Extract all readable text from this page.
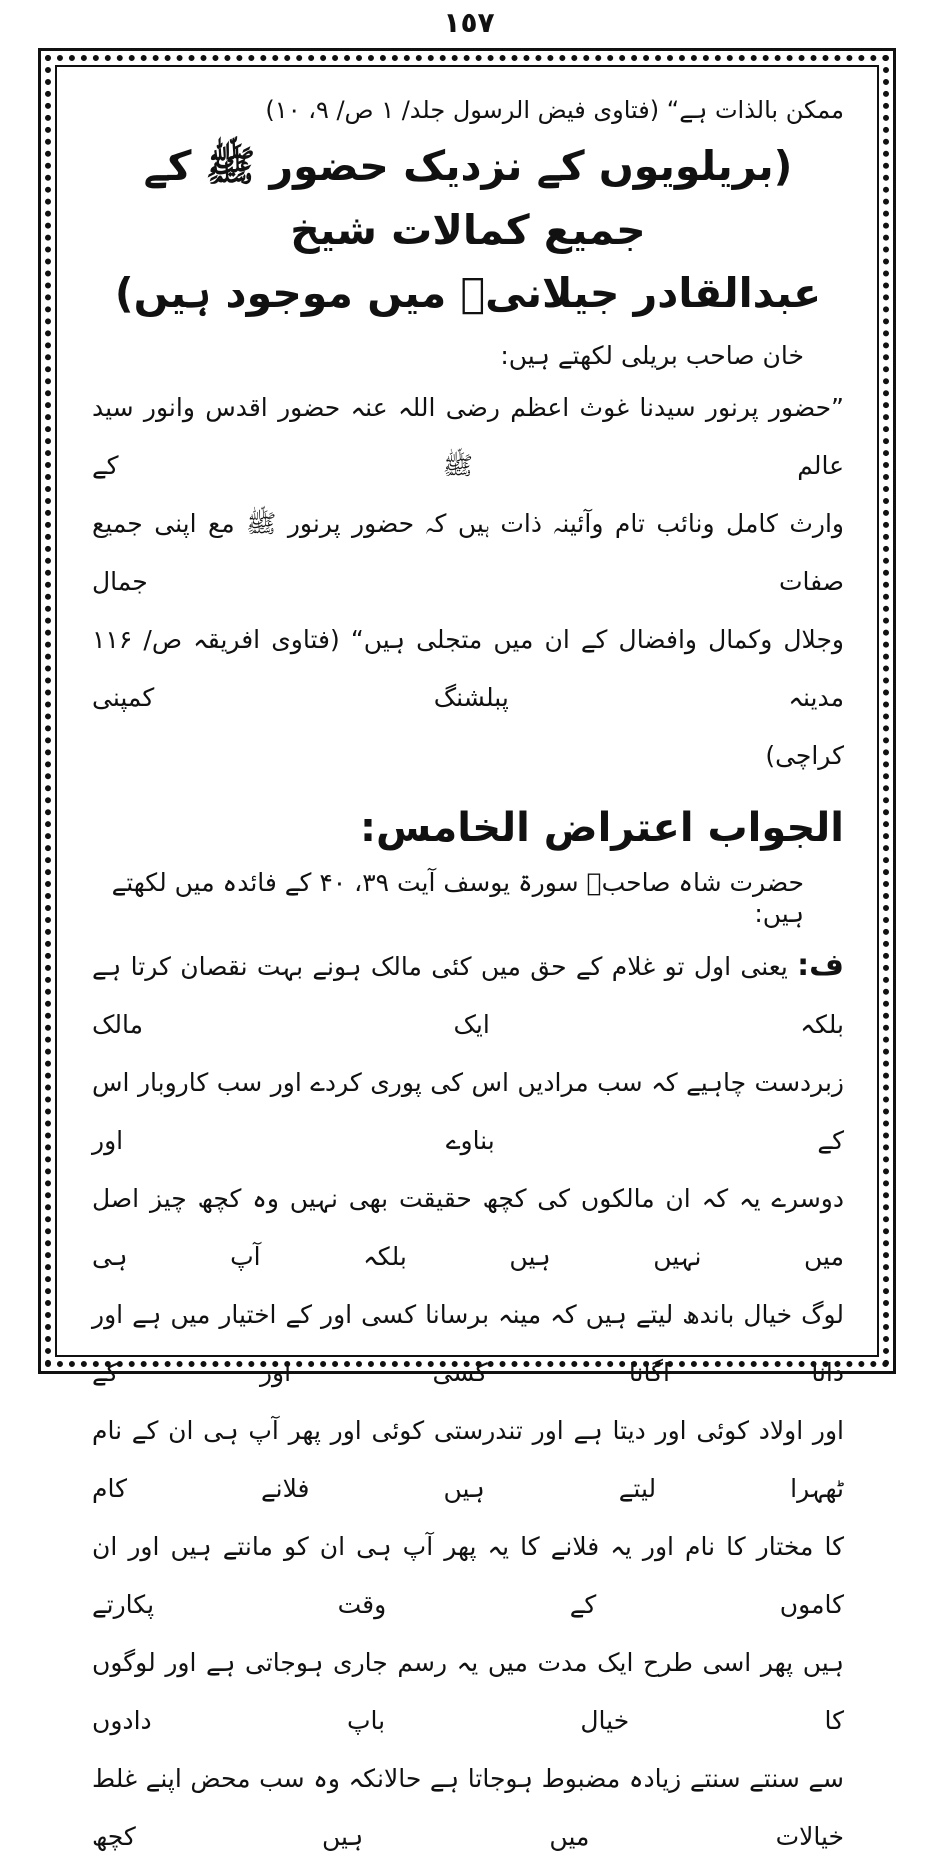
١٥٧

ممکن بالذات ہے“ (فتاوی فیض الرسول جلد/ ۱ ص/ ۹، ۱۰)

(بریلویوں کے نزدیک حضور ﷺ کے جمیع کمالات شیخ

عبدالقادر جیلانیؒ میں موجود ہیں)

خان صاحب بریلی لکھتے ہیں:

”حضور پرنور سیدنا غوث اعظم رضی اللہ عنہ حضور اقدس وانور سید عالم ﷺ کے

وارث کامل ونائب تام وآئینہ ذات ہیں کہ حضور پرنور ﷺ مع اپنی جمیع صفات جمال

وجلال وکمال وافضال کے ان میں متجلی ہیں“ (فتاوی افریقہ ص/ ۱۱۶ مدینہ پبلشنگ کمپنی

کراچی)

الجواب اعتراض الخامس:

حضرت شاہ صاحبؒ سورۃ یوسف آیت ۳۹، ۴۰ کے فائدہ میں لکھتے ہیں:

ف: یعنی اول تو غلام کے حق میں کئی مالک ہونے بہت نقصان کرتا ہے بلکہ ایک مالک

زبردست چاہیے کہ سب مرادیں اس کی پوری کردے اور سب کاروبار اس کے بناوے اور

دوسرے یہ کہ ان مالکوں کی کچھ حقیقت بھی نہیں وہ کچھ چیز اصل میں نہیں ہیں بلکہ آپ ہی

لوگ خیال باندھ لیتے ہیں کہ مینہ برسانا کسی اور کے اختیار میں ہے اور دانا اگانا کسی اور کے

اور اولاد کوئی اور دیتا ہے اور تندرستی کوئی اور پھر آپ ہی ان کے نام ٹھہرا لیتے ہیں فلانے کام

کا مختار کا نام اور یہ فلانے کا یہ پھر آپ ہی ان کو مانتے ہیں اور ان کاموں کے وقت پکارتے

ہیں پھر اسی طرح ایک مدت میں یہ رسم جاری ہوجاتی ہے اور لوگوں کا خیال باپ دادوں

سے سنتے سنتے زیادہ مضبوط ہوجاتا ہے حالانکہ وہ سب محض اپنے غلط خیالات میں ہیں کچھ
